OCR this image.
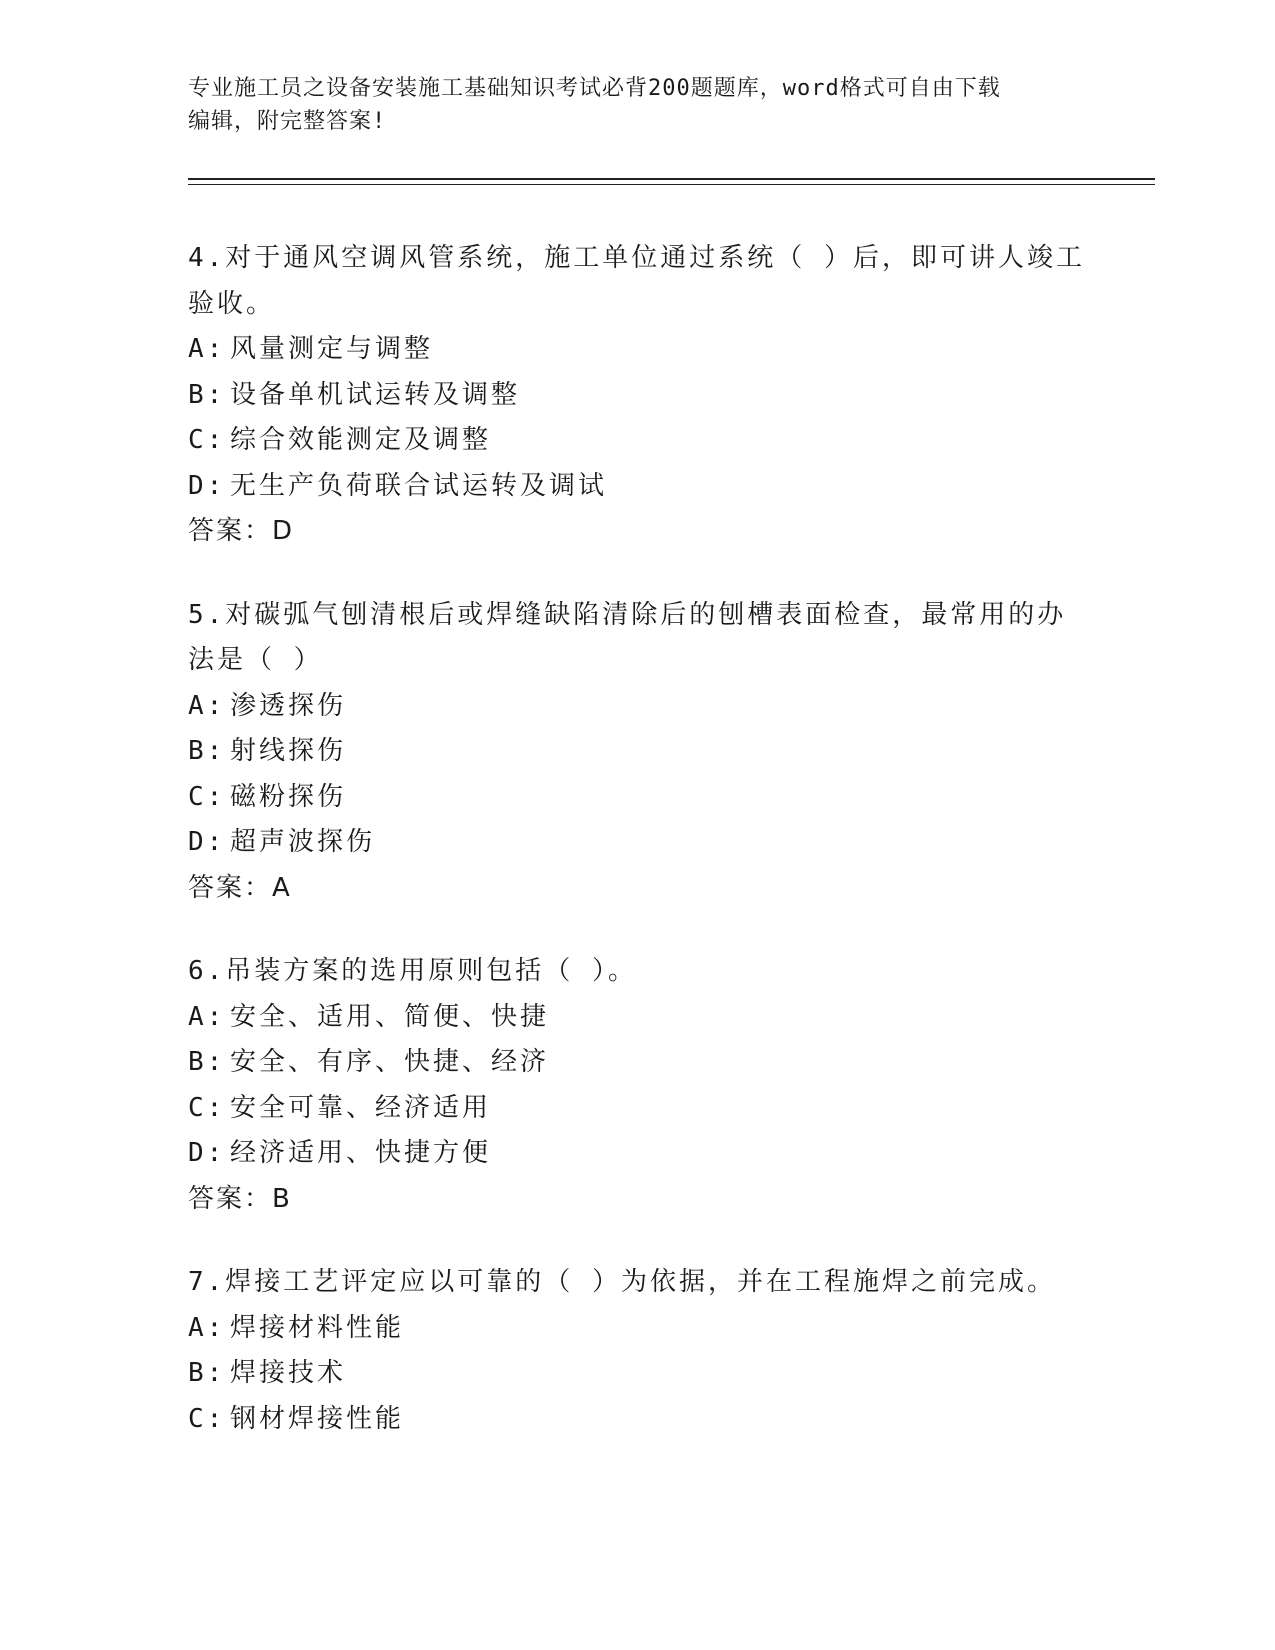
专业施工员之设备安装施工基础知识考试必背200题题库，word格式可自由下载
编辑，附完整答案!
4.对于通风空调风管系统，施工单位通过系统（ ）后，即可讲人竣工
验收。
A: 风量测定与调整
B: 设备单机试运转及调整
C: 综合效能测定及调整
D: 无生产负荷联合试运转及调试
答案：D
5.对碳弧气刨清根后或焊缝缺陷清除后的刨槽表面检查，最常用的办
法是（ ）
A: 渗透探伤
B: 射线探伤
C: 磁粉探伤
D: 超声波探伤
答案：A
6.吊装方案的选用原则包括（ ）。
A: 安全、适用、简便、快捷
B: 安全、有序、快捷、经济
C: 安全可靠、经济适用
D: 经济适用、快捷方便
答案：B
7.焊接工艺评定应以可靠的（ ）为依据，并在工程施焊之前完成。
A: 焊接材料性能
B: 焊接技术
C: 钢材焊接性能
